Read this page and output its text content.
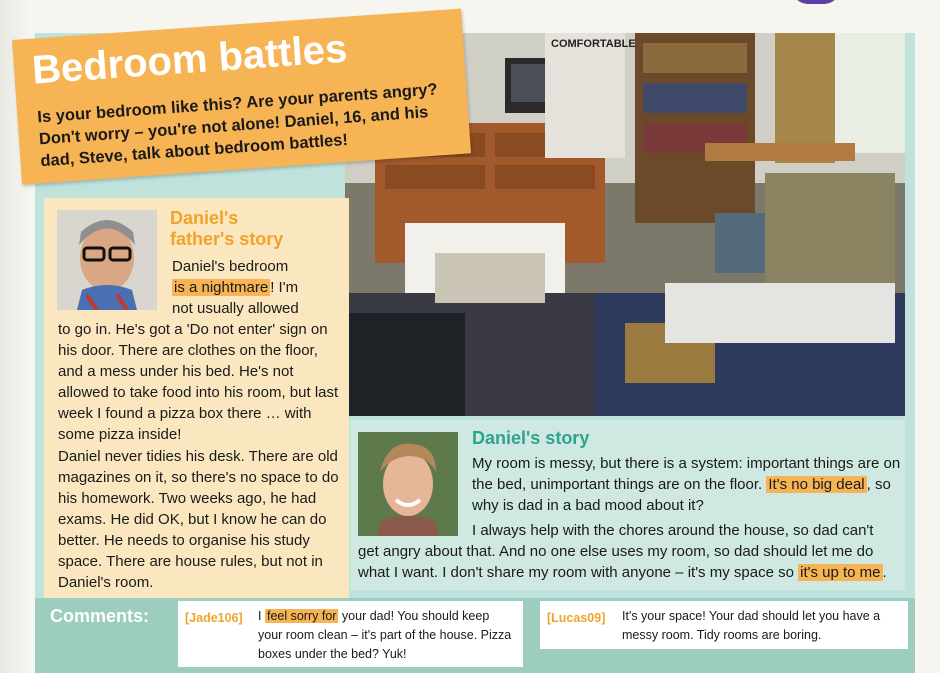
COMFORTABLE
Daniel's
father's story
Daniel's bedroom
is a nightmare ! I'm
not usually allowed
to go in. He's got a 'Do not enter' sign on his door. There are clothes on the floor, and a mess under his bed. He's not allowed to take food into his room, but last week I found a pizza box there … with some pizza inside!
Daniel never tidies his desk. There are old magazines on it, so there's no space to do his homework. Two weeks ago, he had exams. He did OK, but I know he can do better. He needs to organise his study space. There are house rules, but not in Daniel's room.
Bedroom battles

Is your bedroom like this? Are your parents angry? Don't worry – you're not alone! Daniel, 16, and his dad, Steve, talk about bedroom battles!

Daniel's story
My room is messy, but there is a system: important things are on the bed, unimportant things are on the floor. It's no big deal , so why is dad in a bad mood about it?
I always help with the chores around the house, so dad can't
get angry about that. And no one else uses my room, so dad should let me do what I want. I don't share my room with anyone – it's my space so it's up to me .
Comments:	[Jade106] I feel sorry for your dad! You should keep your room clean – it's part of the house. Pizza boxes under the bed? Yuk!
[Lucas09] It's your space! Your dad should let you have a messy room. Tidy rooms are boring.
